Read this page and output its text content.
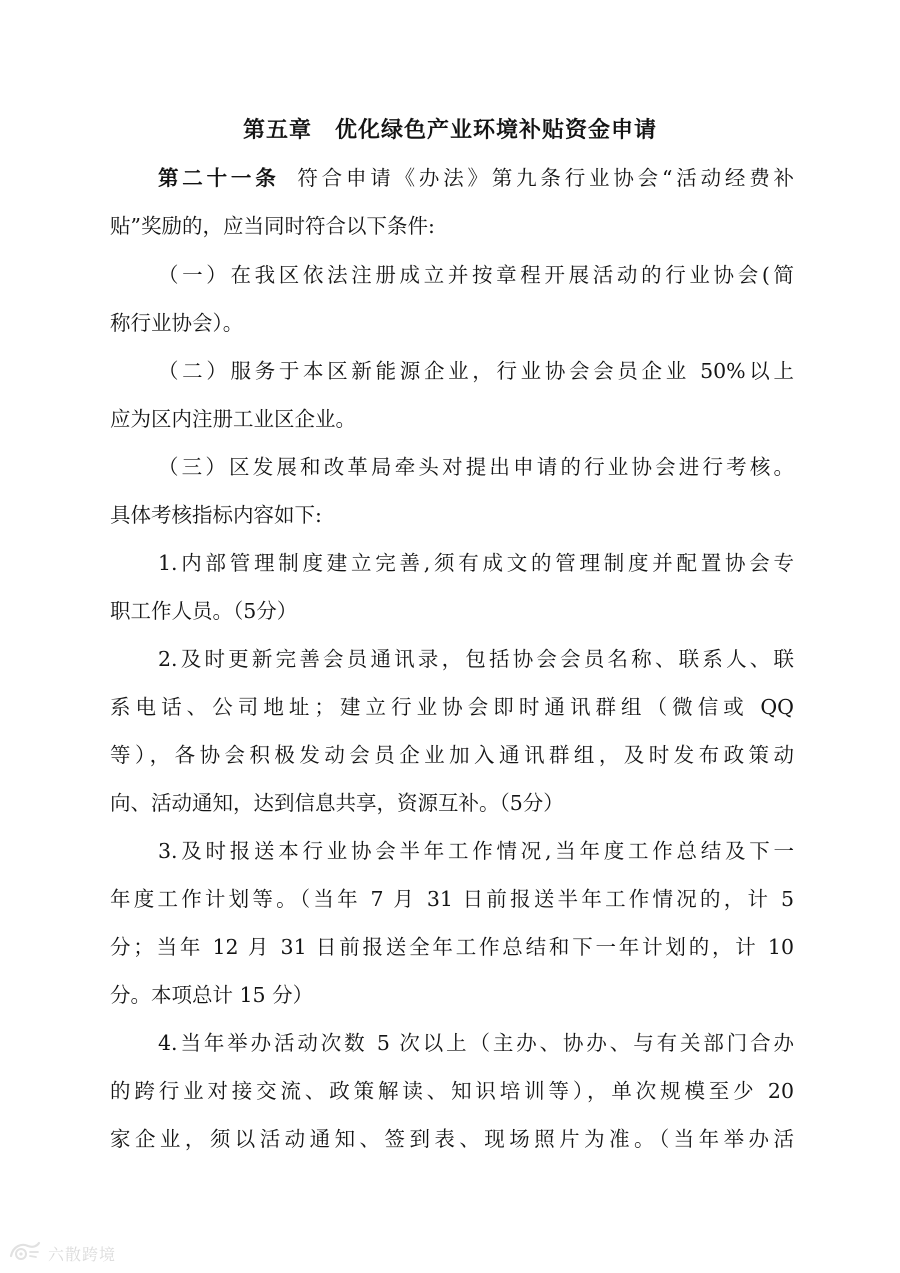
第五章　优化绿色产业环境补贴资金申请
第二十一条 符合申请《办法》第九条行业协会“活动经费补
贴”奖励的，应当同时符合以下条件:
（一）在我区依法注册成立并按章程开展活动的行业协会(简
称行业协会）。
（二）服务于本区新能源企业，行业协会会员企业 50%以上
应为区内注册工业区企业。
（三）区发展和改革局牵头对提出申请的行业协会进行考核。
具体考核指标内容如下:
1.内部管理制度建立完善,须有成文的管理制度并配置协会专
职工作人员。（5分）
2.及时更新完善会员通讯录，包括协会会员名称、联系人、联
系电话、公司地址；建立行业协会即时通讯群组（微信或 QQ
等），各协会积极发动会员企业加入通讯群组，及时发布政策动
向、活动通知，达到信息共享，资源互补。（5分）
3.及时报送本行业协会半年工作情况,当年度工作总结及下一
年度工作计划等。（当年 7 月 31 日前报送半年工作情况的，计 5
分；当年 12 月 31 日前报送全年工作总结和下一年计划的，计 10
分。本项总计 15 分）
4.当年举办活动次数 5 次以上（主办、协办、与有关部门合办
的跨行业对接交流、政策解读、知识培训等），单次规模至少 20
家企业，须以活动通知、签到表、现场照片为准。（当年举办活
六散跨境
